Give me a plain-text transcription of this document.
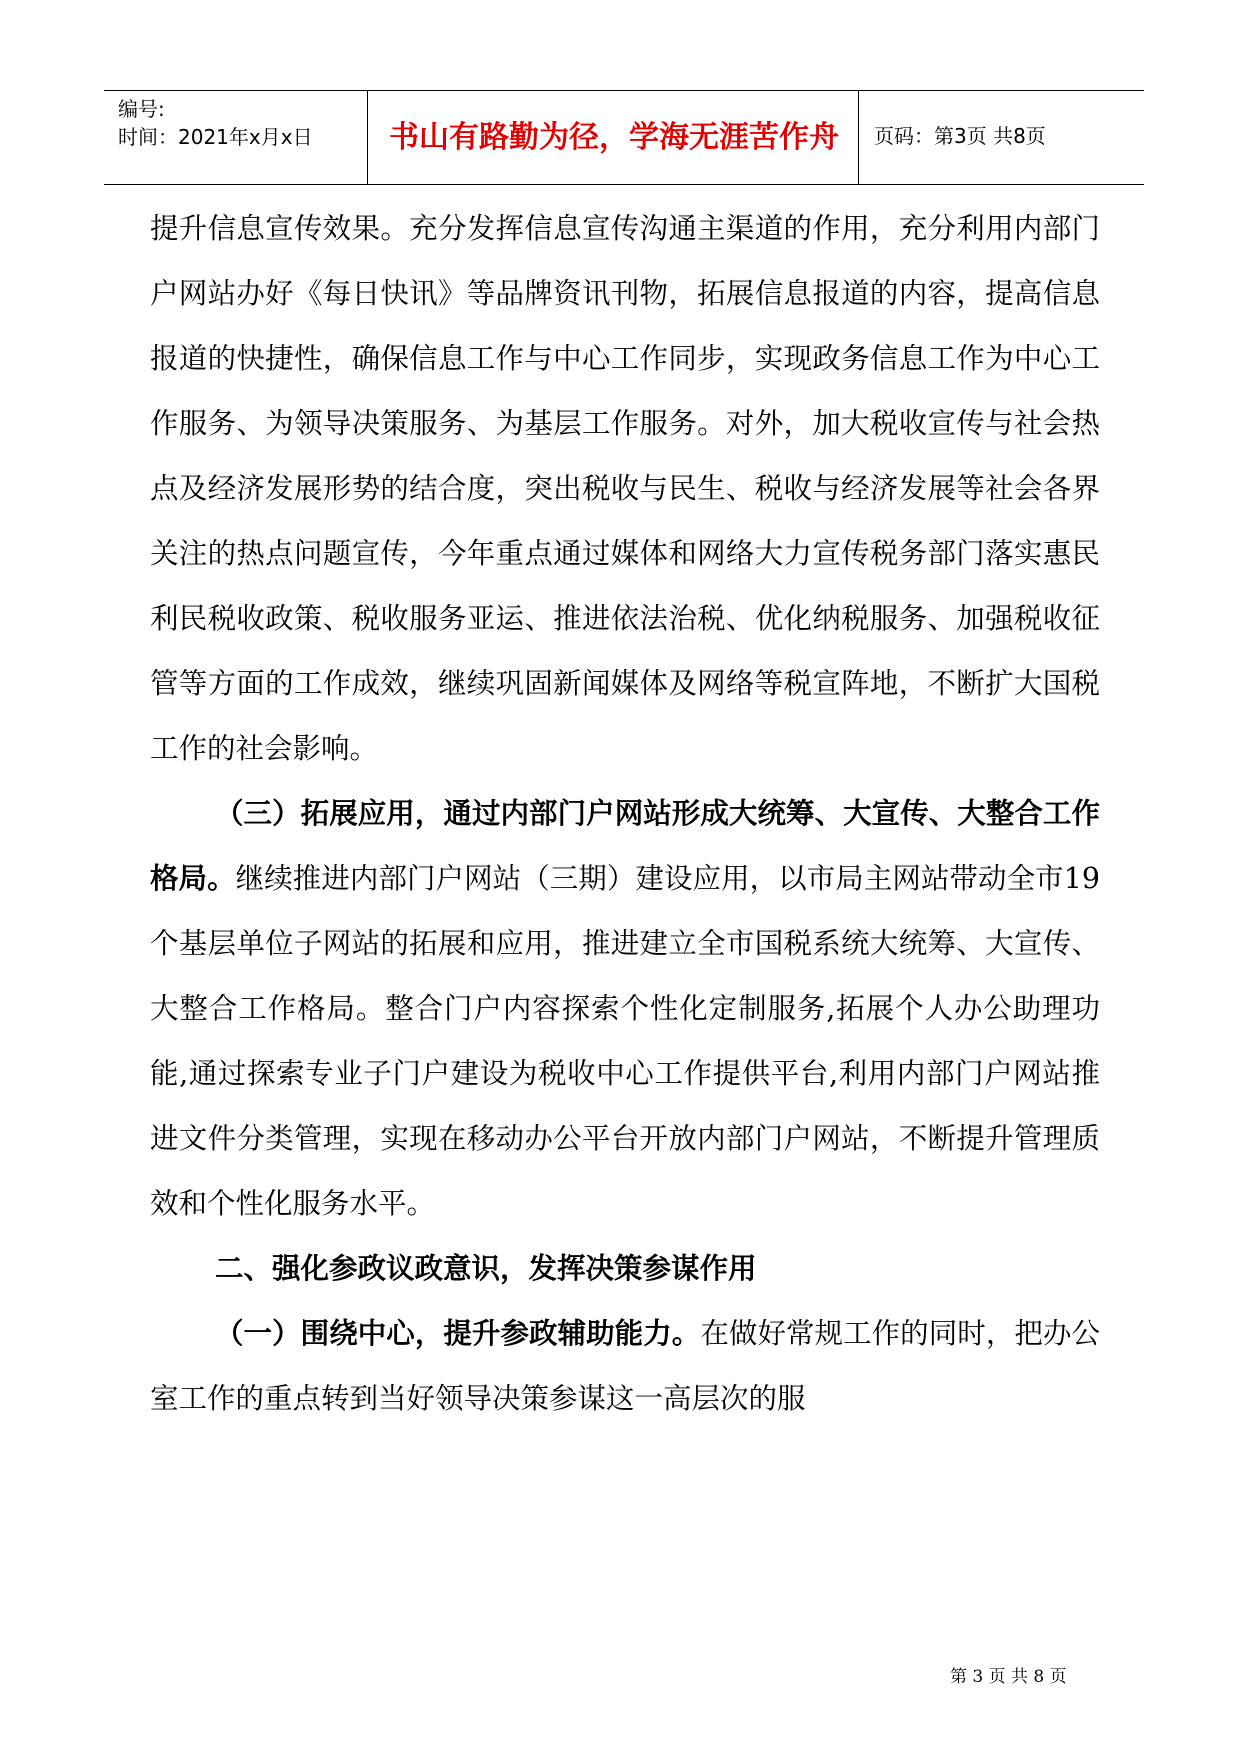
编号:
时间：2021年x月x日	书山有路勤为径，学海无涯苦作舟	页码：第3页 共8页

提升信息宣传效果。充分发挥信息宣传沟通主渠道的作用，充分利用内部门户网站办好《每日快讯》等品牌资讯刊物，拓展信息报道的内容，提高信息报道的快捷性，确保信息工作与中心工作同步，实现政务信息工作为中心工作服务、为领导决策服务、为基层工作服务。对外，加大税收宣传与社会热点及经济发展形势的结合度，突出税收与民生、税收与经济发展等社会各界关注的热点问题宣传，今年重点通过媒体和网络大力宣传税务部门落实惠民利民税收政策、税收服务亚运、推进依法治税、优化纳税服务、加强税收征管等方面的工作成效，继续巩固新闻媒体及网络等税宣阵地，不断扩大国税工作的社会影响。

（三）拓展应用，通过内部门户网站形成大统筹、大宣传、大整合工作格局。继续推进内部门户网站（三期）建设应用，以市局主网站带动全市19个基层单位子网站的拓展和应用，推进建立全市国税系统大统筹、大宣传、大整合工作格局。整合门户内容探索个性化定制服务,拓展个人办公助理功能,通过探索专业子门户建设为税收中心工作提供平台,利用内部门户网站推进文件分类管理，实现在移动办公平台开放内部门户网站，不断提升管理质效和个性化服务水平。

二、强化参政议政意识，发挥决策参谋作用

（一）围绕中心，提升参政辅助能力。在做好常规工作的同时，把办公室工作的重点转到当好领导决策参谋这一高层次的服

第 3 页 共 8 页
